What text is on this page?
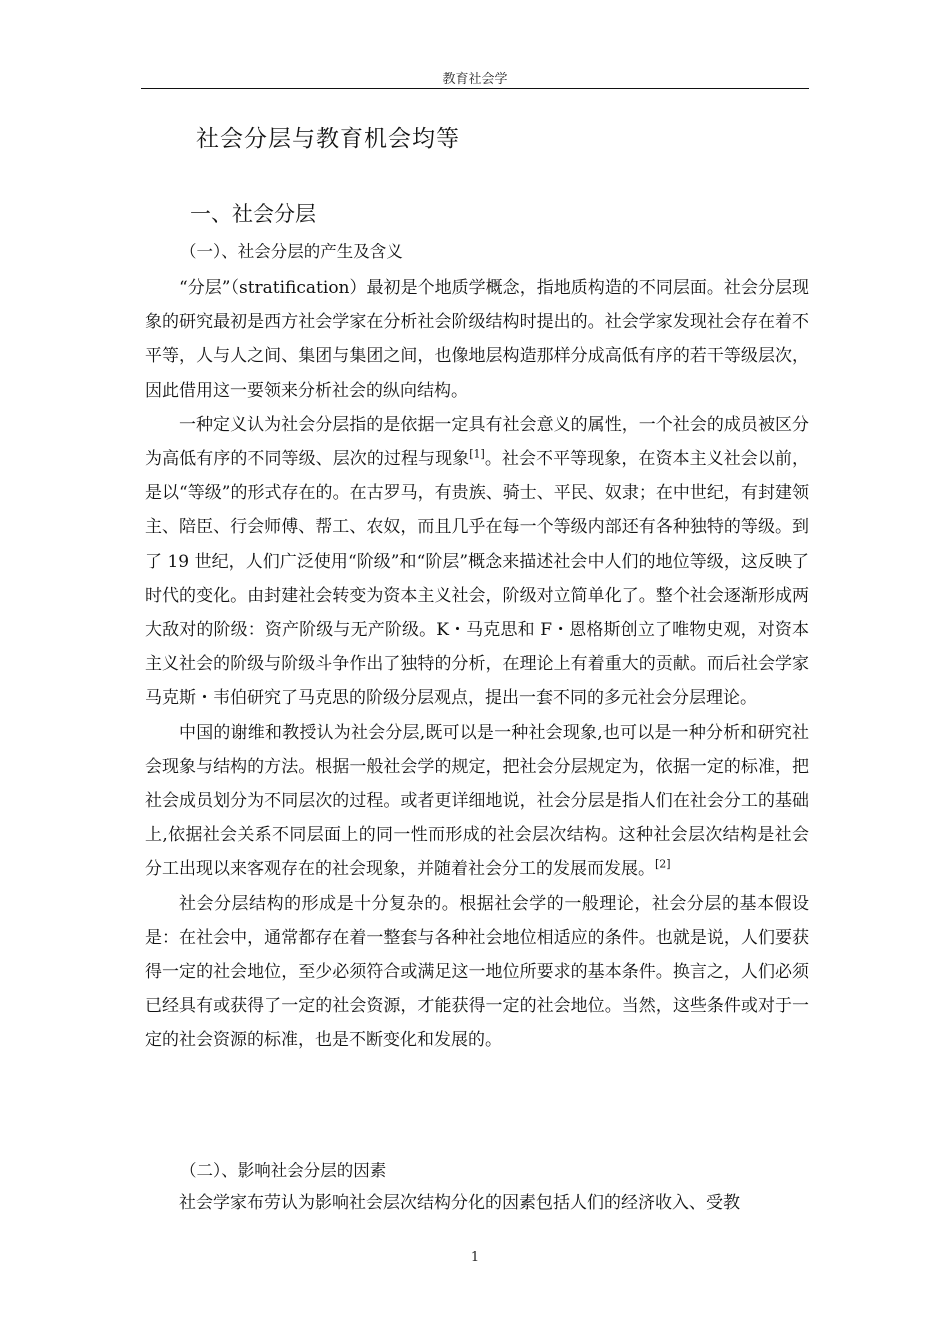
教育社会学
社会分层与教育机会均等
一、社会分层
（一）、社会分层的产生及含义

“分层”（stratification）最初是个地质学概念，指地质构造的不同层面。社会分层现象的研究最初是西方社会学家在分析社会阶级结构时提出的。社会学家发现社会存在着不平等，人与人之间、集团与集团之间，也像地层构造那样分成高低有序的若干等级层次，因此借用这一要领来分析社会的纵向结构。

一种定义认为社会分层指的是依据一定具有社会意义的属性，一个社会的成员被区分为高低有序的不同等级、层次的过程与现象[1]。社会不平等现象，在资本主义社会以前，是以“等级”的形式存在的。在古罗马，有贵族、骑士、平民、奴隶；在中世纪，有封建领主、陪臣、行会师傅、帮工、农奴，而且几乎在每一个等级内部还有各种独特的等级。到了 19 世纪，人们广泛使用“阶级”和“阶层”概念来描述社会中人们的地位等级，这反映了时代的变化。由封建社会转变为资本主义社会，阶级对立简单化了。整个社会逐渐形成两大敌对的阶级：资产阶级与无产阶级。K・马克思和 F・恩格斯创立了唯物史观，对资本主义社会的阶级与阶级斗争作出了独特的分析，在理论上有着重大的贡献。而后社会学家马克斯・韦伯研究了马克思的阶级分层观点，提出一套不同的多元社会分层理论。

中国的谢维和教授认为社会分层,既可以是一种社会现象,也可以是一种分析和研究社会现象与结构的方法。根据一般社会学的规定，把社会分层规定为，依据一定的标准，把社会成员划分为不同层次的过程。或者更详细地说，社会分层是指人们在社会分工的基础上,依据社会关系不同层面上的同一性而形成的社会层次结构。这种社会层次结构是社会分工出现以来客观存在的社会现象，并随着社会分工的发展而发展。[2]

社会分层结构的形成是十分复杂的。根据社会学的一般理论，社会分层的基本假设是：在社会中，通常都存在着一整套与各种社会地位相适应的条件。也就是说，人们要获得一定的社会地位，至少必须符合或满足这一地位所要求的基本条件。换言之，人们必须已经具有或获得了一定的社会资源，才能获得一定的社会地位。当然，这些条件或对于一定的社会资源的标准，也是不断变化和发展的。

（二）、影响社会分层的因素

社会学家布劳认为影响社会层次结构分化的因素包括人们的经济收入、受教

1
